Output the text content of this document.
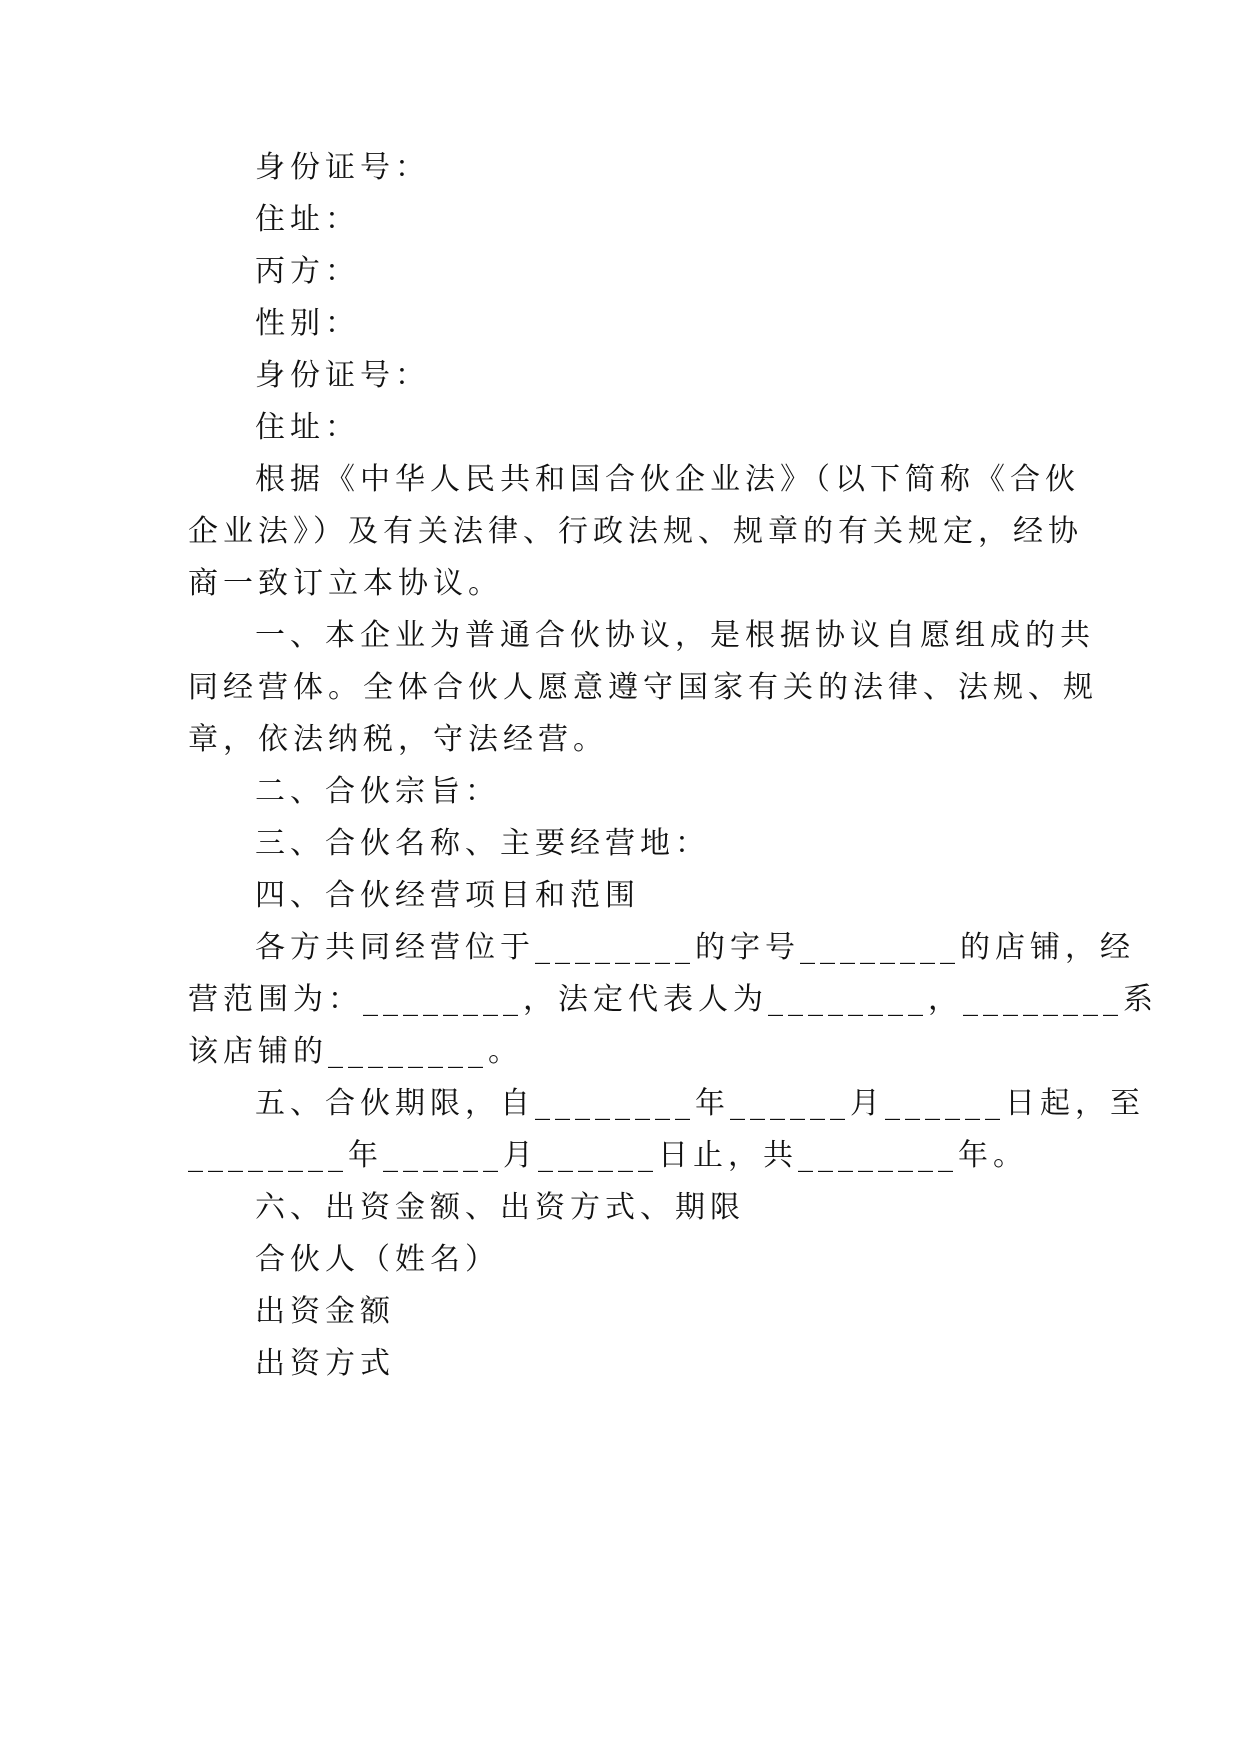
身份证号：
住址：
丙方：
性别：
身份证号：
住址：
根据《中华人民共和国合伙企业法》（以下简称《合伙
企业法》）及有关法律、行政法规、规章的有关规定，经协
商一致订立本协议。
一、本企业为普通合伙协议，是根据协议自愿组成的共
同经营体。全体合伙人愿意遵守国家有关的法律、法规、规
章，依法纳税，守法经营。
二、合伙宗旨：
三、合伙名称、主要经营地：
四、合伙经营项目和范围
各方共同经营位于________的字号________的店铺，经
营范围为：________，法定代表人为________，________系
该店铺的________。
五、合伙期限，自________年______月______日起，至
________年______月______日止，共________年。
六、出资金额、出资方式、期限
合伙人（姓名）
出资金额
出资方式
